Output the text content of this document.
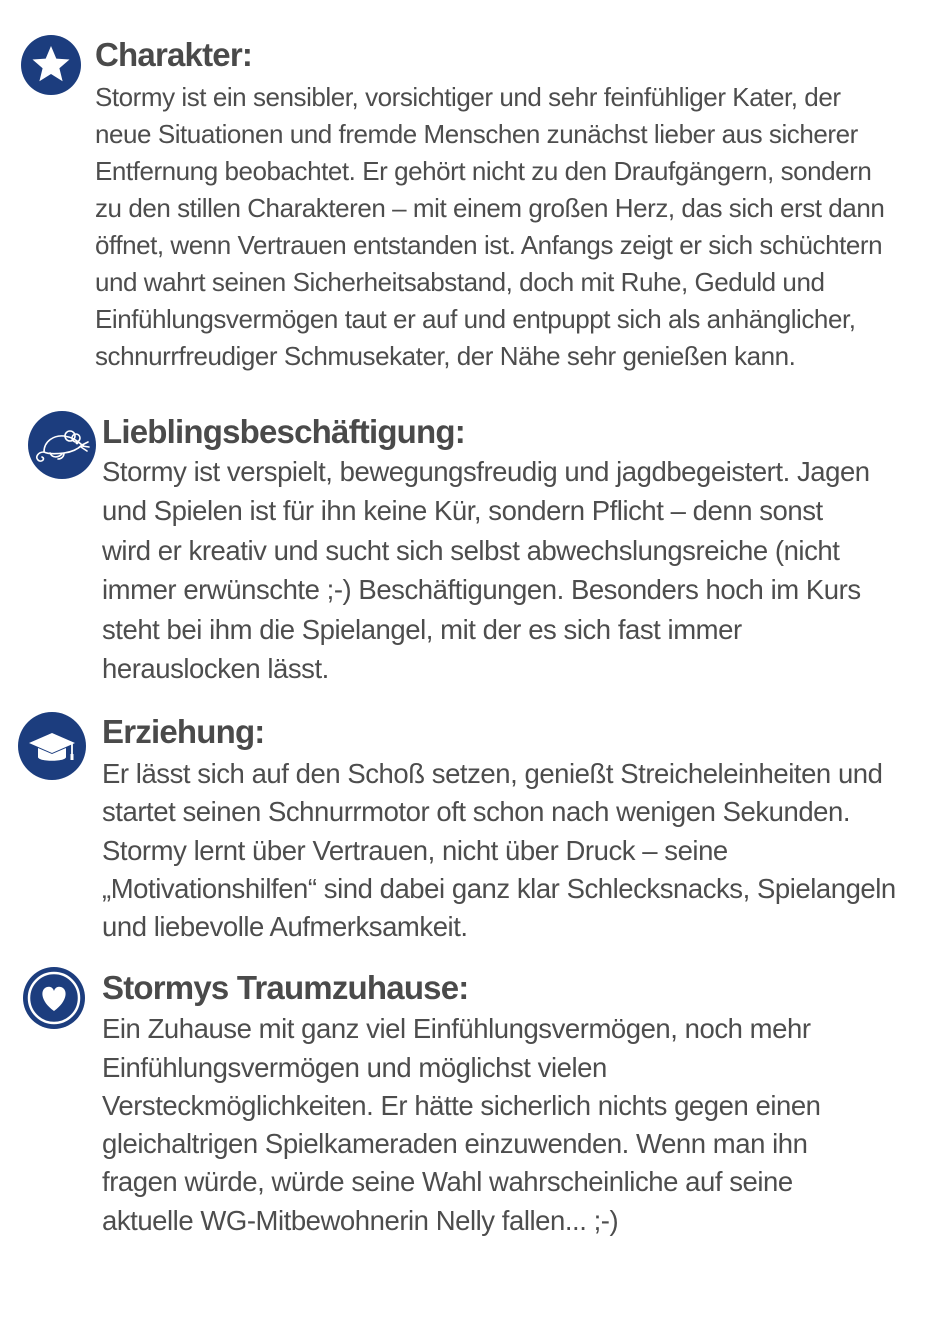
Charakter:
Stormy ist ein sensibler, vorsichtiger und sehr feinfühliger Kater, der
neue Situationen und fremde Menschen zunächst lieber aus sicherer
Entfernung beobachtet. Er gehört nicht zu den Draufgängern, sondern
zu den stillen Charakteren – mit einem großen Herz, das sich erst dann
öffnet, wenn Vertrauen entstanden ist. Anfangs zeigt er sich schüchtern
und wahrt seinen Sicherheitsabstand, doch mit Ruhe, Geduld und
Einfühlungsvermögen taut er auf und entpuppt sich als anhänglicher,
schnurrfreudiger Schmusekater, der Nähe sehr genießen kann.
Lieblingsbeschäftigung:
Stormy ist verspielt, bewegungsfreudig und jagdbegeistert. Jagen
und Spielen ist für ihn keine Kür, sondern Pflicht – denn sonst
wird er kreativ und sucht sich selbst abwechslungsreiche (nicht
immer erwünschte ;-) Beschäftigungen. Besonders hoch im Kurs
steht bei ihm die Spielangel, mit der es sich fast immer
herauslocken lässt.
Erziehung:
Er lässt sich auf den Schoß setzen, genießt Streicheleinheiten und
startet seinen Schnurrmotor oft schon nach wenigen Sekunden.
Stormy lernt über Vertrauen, nicht über Druck – seine
„Motivationshilfen“ sind dabei ganz klar Schlecksnacks, Spielangeln
und liebevolle Aufmerksamkeit.
Stormys Traumzuhause:
Ein Zuhause mit ganz viel Einfühlungsvermögen, noch mehr
Einfühlungsvermögen und möglichst vielen
Versteckmöglichkeiten. Er hätte sicherlich nichts gegen einen
gleichaltrigen Spielkameraden einzuwenden. Wenn man ihn
fragen würde, würde seine Wahl wahrscheinliche auf seine
aktuelle WG-Mitbewohnerin Nelly fallen... ;-)
